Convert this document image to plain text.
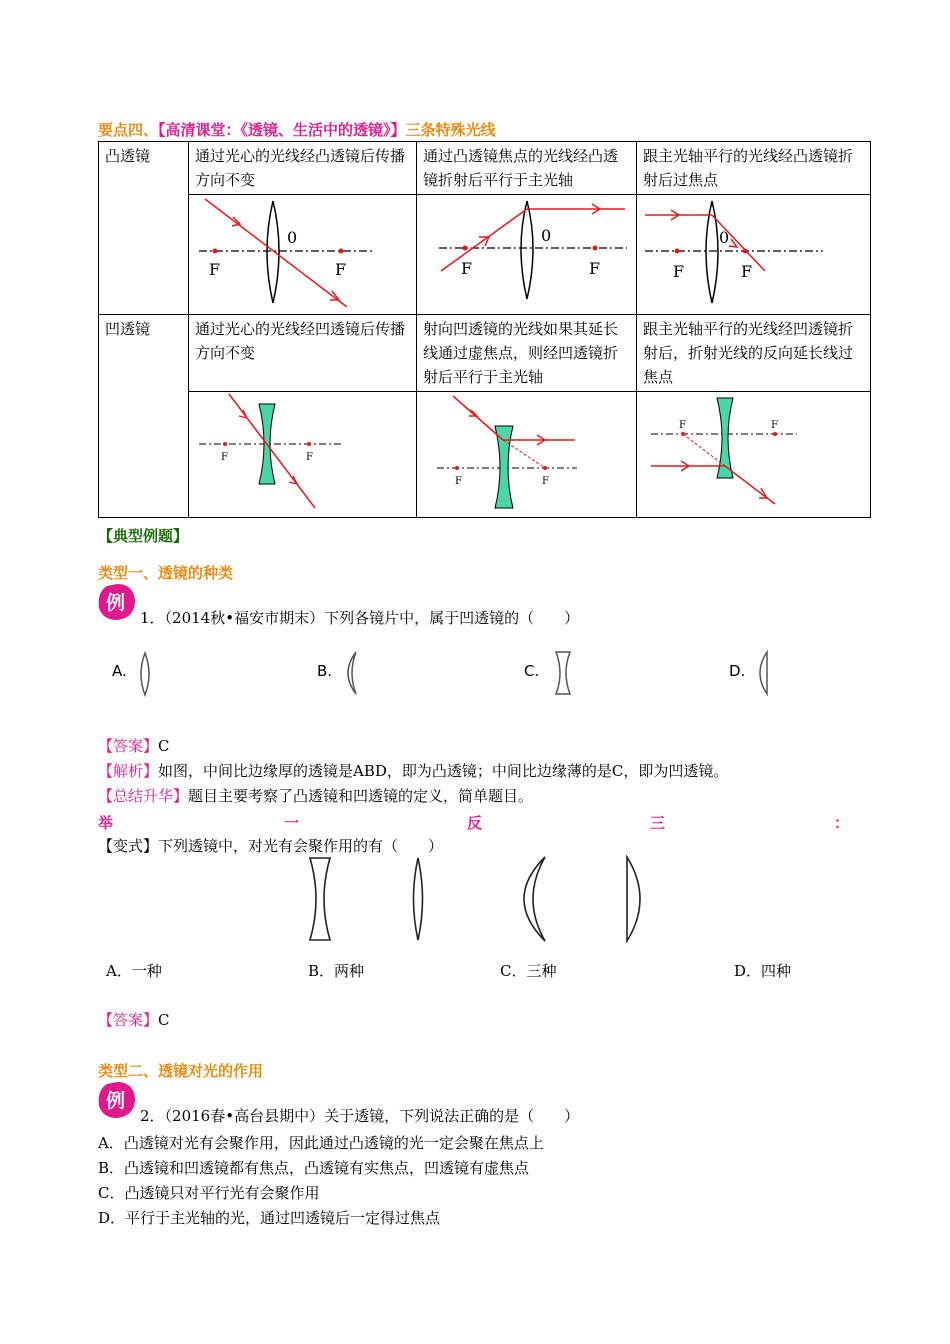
要点四、【高清课堂：《透镜、生活中的透镜》】三条特殊光线
凸透镜	通过光心的光线经凸透镜后传播方向不变	通过凸透镜焦点的光线经凸透镜折射后平行于主光轴	跟主光轴平行的光线经凸透镜折射后过焦点

F F
0	F F
0	F F
0

凹透镜	通过光心的光线经凹透镜后传播方向不变	射向凹透镜的光线如果其延长线通过虚焦点，则经凹透镜折射后平行于主光轴	跟主光轴平行的光线经凹透镜折射后，折射光线的反向延长线过焦点

F F	F F	F F
【典型例题】
类型一、透镜的种类
例
1．（2014秋•福安市期末）下列各镜片中，属于凹透镜的（　　）
A.	B.	C.	D.
【答案】C
【解析】如图，中间比边缘厚的透镜是ABD，即为凸透镜；中间比边缘薄的是C，即为凹透镜。
【总结升华】题目主要考察了凸透镜和凹透镜的定义，简单题目。
举	一	反	三	：
【变式】下列透镜中，对光有会聚作用的有（　　）
A．一种	B．两种	C．三种	D．四种
【答案】C
类型二、透镜对光的作用
例
2．（2016春•高台县期中）关于透镜，下列说法正确的是（　　）
A．凸透镜对光有会聚作用，因此通过凸透镜的光一定会聚在焦点上
B．凸透镜和凹透镜都有焦点，凸透镜有实焦点，凹透镜有虚焦点
C．凸透镜只对平行光有会聚作用
D．平行于主光轴的光，通过凹透镜后一定得过焦点
